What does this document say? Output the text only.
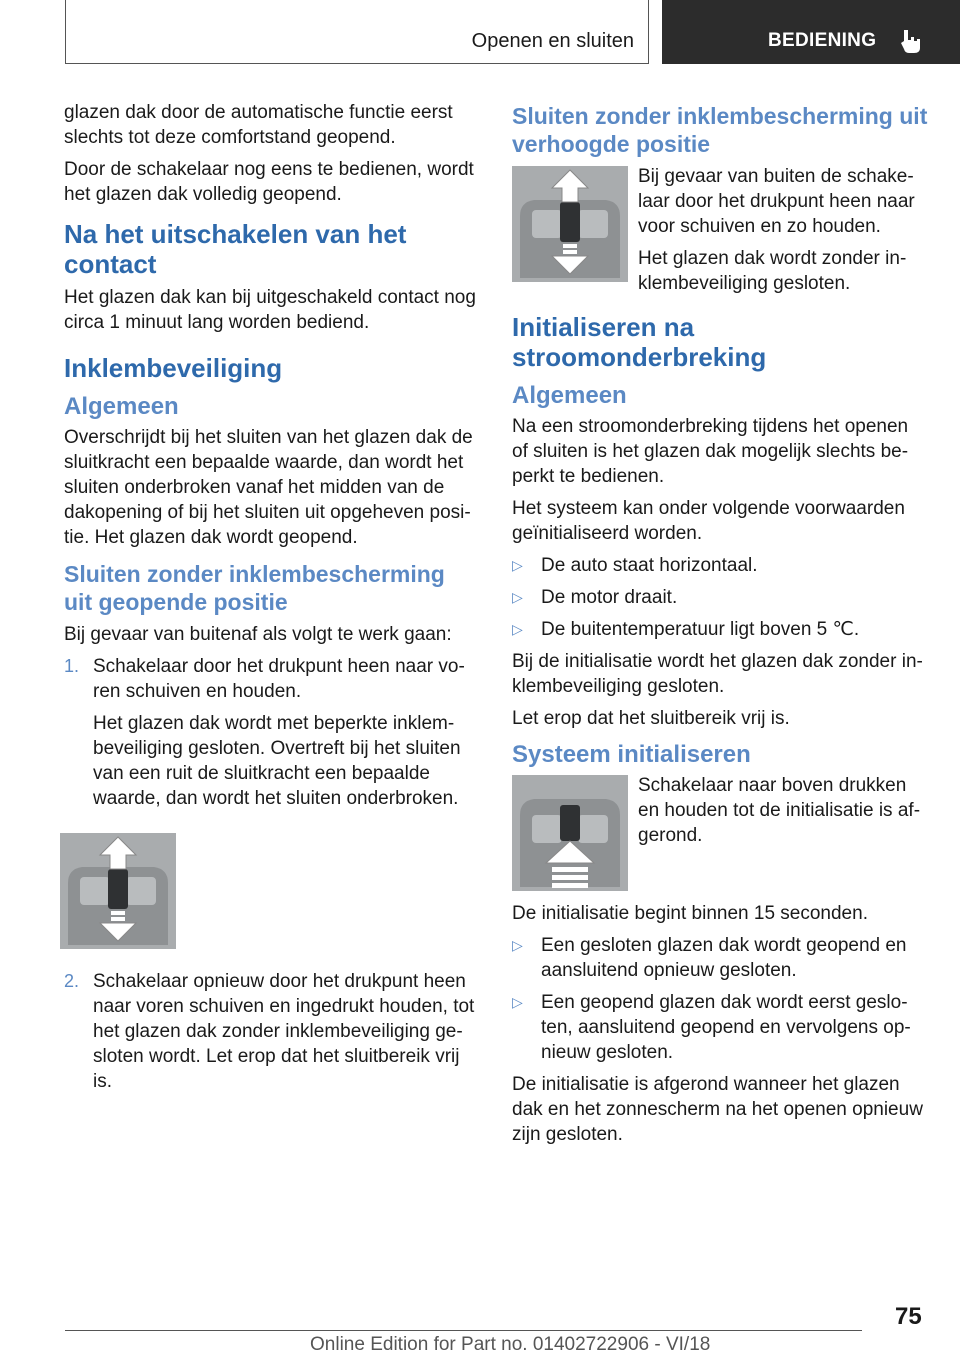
Openen en sluiten	BEDIENING

glazen dak door de automatische functie eerst slechts tot deze comfortstand geopend.

Door de schakelaar nog eens te bedienen, wordt het glazen dak volledig geopend.

Na het uitschakelen van het contact

Het glazen dak kan bij uitgeschakeld contact nog circa 1 minuut lang worden bediend.

Inklembeveiliging
Algemeen

Overschrijdt bij het sluiten van het glazen dak de sluitkracht een bepaalde waarde, dan wordt het sluiten onderbroken vanaf het midden van de dakopening of bij het sluiten uit opgeheven positie. Het glazen dak wordt geopend.

Sluiten zonder inklembescherming uit geopende positie

Bij gevaar van buitenaf als volgt te werk gaan:

1. Schakelaar door het drukpunt heen naar voren schuiven en houden.

Het glazen dak wordt met beperkte inklembeveiliging gesloten. Overtreft bij het sluiten van een ruit de sluitkracht een bepaalde waarde, dan wordt het sluiten onderbroken.

2. Schakelaar opnieuw door het drukpunt heen naar voren schuiven en ingedrukt houden, tot het glazen dak zonder inklembeveiliging gesloten wordt. Let erop dat het sluitbereik vrij is.

Sluiten zonder inklembescherming uit verhoogde positie

Bij gevaar van buiten de schakelaar door het drukpunt heen naar voor schuiven en zo houden.

Het glazen dak wordt zonder inklembeveiliging gesloten.

Initialiseren na stroomonderbreking
Algemeen

Na een stroomonderbreking tijdens het openen of sluiten is het glazen dak mogelijk slechts beperkt te bedienen.

Het systeem kan onder volgende voorwaarden geïnitialiseerd worden.

▷ De auto staat horizontaal.
▷ De motor draait.
▷ De buitentemperatuur ligt boven 5 ℃.

Bij de initialisatie wordt het glazen dak zonder inklembeveiliging gesloten.

Let erop dat het sluitbereik vrij is.

Systeem initialiseren

Schakelaar naar boven drukken en houden tot de initialisatie is afgerond.

De initialisatie begint binnen 15 seconden.

▷ Een gesloten glazen dak wordt geopend en aansluitend opnieuw gesloten.
▷ Een geopend glazen dak wordt eerst gesloten, aansluitend geopend en vervolgens opnieuw gesloten.

De initialisatie is afgerond wanneer het glazen dak en het zonnescherm na het openen opnieuw zijn gesloten.

75
Online Edition for Part no. 01402722906 - VI/18
